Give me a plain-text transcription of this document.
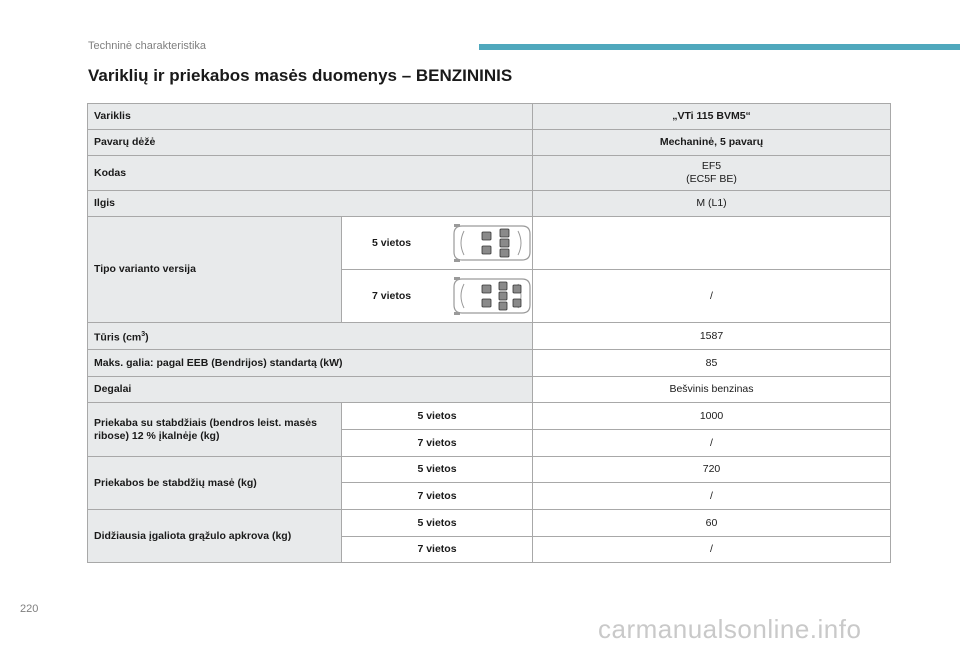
Techninė charakteristika
Variklių ir priekabos masės duomenys – BENZININIS
Variklis		„VTi 115 BVM5“
Pavarų dėžė		Mechaninė, 5 pavarų
Kodas		EF5
(EC5F BE)

Ilgis		M (L1)
Tipo varianto versija	5 vietos	

	7 vietos	/
Tūris $(cm^3)$		1587
Maks. galia: pagal EEB (Bendrijos) standartą (kW)		85
Degalai		Bešvinis benzinas
Priekaba su stabdžiais (bendros leist. masės ribose) 12 % įkalnėje (kg)	5 vietos	1000
	7 vietos	/
Priekabos be stabdžių masė (kg)	5 vietos	720
	7 vietos	/
Didžiausia įgaliota grąžulo apkrova (kg)	5 vietos	60
	7 vietos	/
220
carmanualsonline.info
